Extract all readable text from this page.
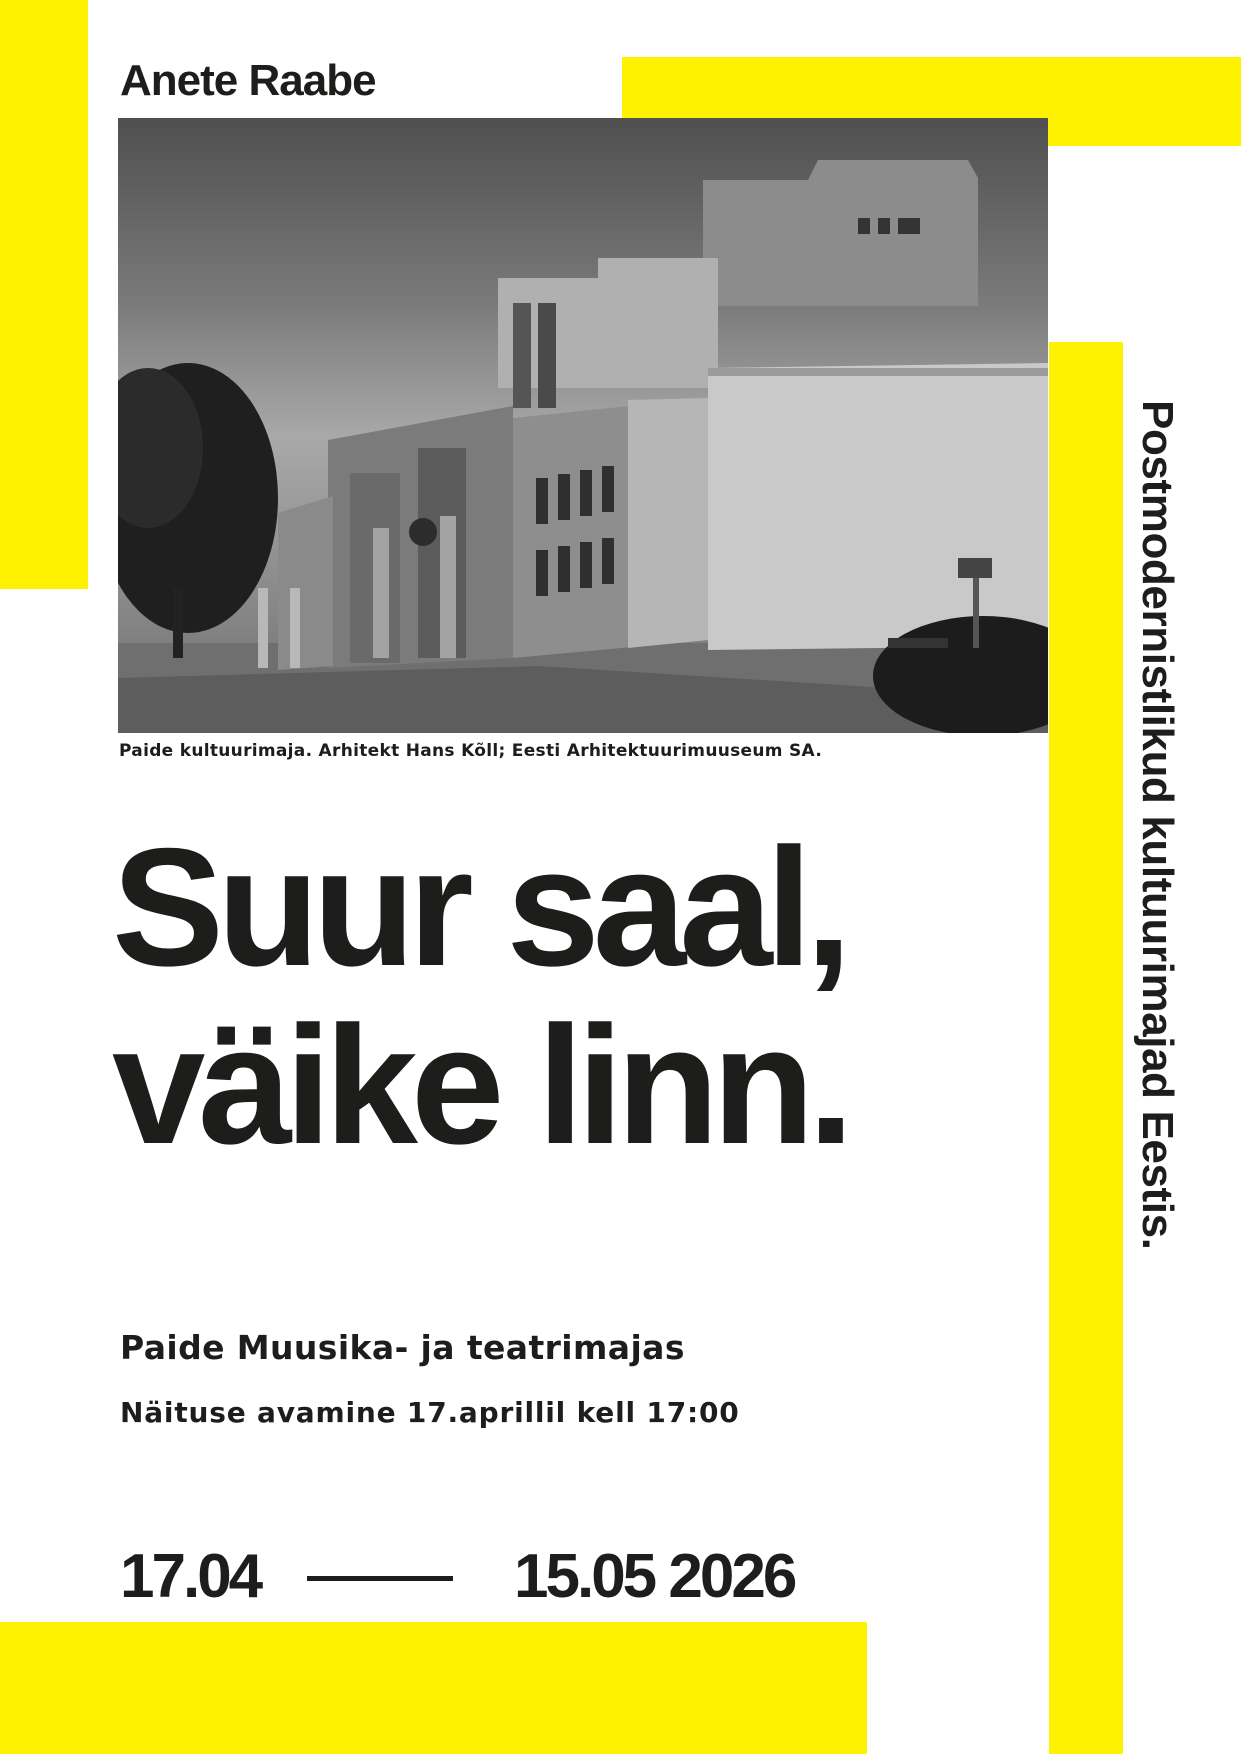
Anete Raabe

Paide kultuurimaja. Arhitekt Hans Kõll; Eesti Arhitektuurimuuseum SA.

Suur saal,
väike linn.

Paide Muusika- ja teatrimajas

Näituse avamine 17.aprillil kell 17:00

17.04	15.05 2026

Postmodernistlikud kultuurimajad Eestis.
